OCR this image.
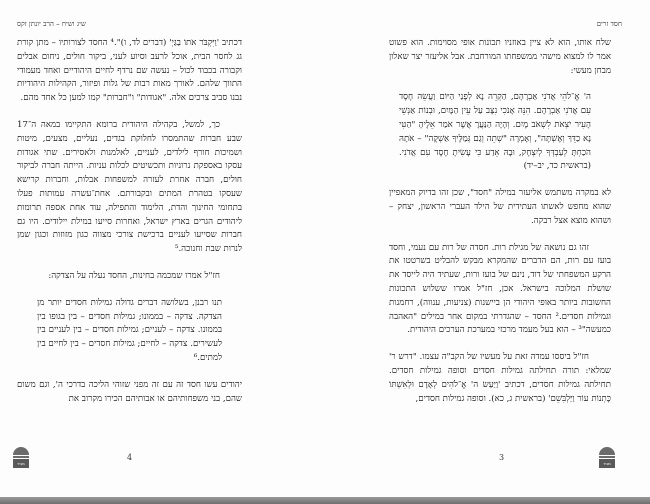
שיג ושיח – הרב יונתן זקס

דכתיב 'וַיִּקְבֹּר אֹתוֹ בַגַּיְ' (דברים לד, ו)".⁴ החסד לצורותיו – מתן קורת גג לחסר הבית, אוכל לרעב וסיוע לעני, ביקור חולים, ניחום אבלים וקבורה בכבוד לכול – נעשה שם נרדף לחיים היהודיים ואחד מעמודי התווך שלהם. לאורך מאות רבות של גלות ופיזור, הקהילות היהודיות נבנו סביב צרכים אלה. "אגודות" ו"חברות" קמו למען כל אחד מהם.

כך, למשל, בקהילה היהודית ברומא התקיימו במאה ה־17 שבע חברות שהתמסרו לחלוקת בגדים, נעליים, מצעים, מיטות ושמיכות חורף לילדים, לעניים, לאלמנות ולאסירים. שתי אגודות עסקו באספקת נרוניות ותכשיטים לכלות עניות. הייתה חברה לביקור חולים, חברה אחרת לעזרה למשפחות אבלות, וחברות קרישא שעסקו בטהרת המתים ובקבורתם. אחת־עשרה עמותות פעלו בתחומי החינוך והדת, הלימוד והתפילה, עוד אחת אספה תרומות ליהודים הגרים בארץ ישראל, ואחרות סייעו במילת יילודים. היו גם חברות שסייעו לעניים ברכישת צורכי מצווה כגון מזוזות וכגון שמן לנרות שבת וחנוכה.⁵

חז"ל אמרו שמכמה בחינות, החסד נעלה על הצדקה:

תנו רבנן, בשלושה דברים גדולה גמילות חסדים יותר מן הצדקה. צדקה – בממונו; גמילות חסדים – בין בגופו בין בממונו. צדקה – לעניים; גמילות חסדים – בין לעניים בין לעשירים. צדקה – לחיים; גמילות חסדים – בין לחיים בין למתים.⁶

יהודים עשו חסד זה עם זה מפני שזוהי הליכה בדרכי ה', וגם משום שהם, בני משפחותיהם או אבותיהם הכירו מקרוב את

מגיד
4
חסד זרים

שלח אותו, הוא לא ציין באוזניו תכונות אופי מסוימות. הוא פשוט אמר לו למצוא מישהי ממשפחתו המורחבת. אבל אליעזר יצר שאלון מבחן מעשי:

ה' אֱ־לֹהֵי אֲדֹנִי אַבְרָהָם, הַקְרֵה נָא לְפָנַי הַיּוֹם וַעֲשֵׂה חֶסֶד עִם אֲדֹנִי אַבְרָהָם. הִנֵּה אָנֹכִי נִצָּב עַל עֵין הַמָּיִם, וּבְנוֹת אַנְשֵׁי הָעִיר יֹצְאֹת לִשְׁאֹב מָיִם. וְהָיָה הַנַּעֲרָ אֲשֶׁר אֹמַר אֵלֶיהָ "הַטִּי נָא כַדֵּךְ וְאֶשְׁתֶּה", וְאָמְרָה "שְׁתֵה וְגַם גְּמַלֶּיךָ אַשְׁקֶה" – אֹתָהּ הֹכַחְתָּ לְעַבְדְּךָ לְיִצְחָק, וּבָהּ אֵדַע כִּי עָשִׂיתָ חֶסֶד עִם אֲדֹנִי. (בראשית כד, יב–יד)

לא במקרה משתמש אליעזר במילה "חסד", שכן זהו בדיוק המאפיין שהוא מחפש לאשתו העתידית של הילד העברי הראשון, יצחק – ושהוא מוצא אצל רבקה.

זהו גם נושאה של מגילת רות. חסדה של רות עם נעמי, וחסד בועז עם רות, הם הדברים שהמקרא מבקש להבליט בשרטטו את הרקע המשפחתי של דוד, נינם של בועז ורות, שעתיד היה לייסד את שושלת המלוכה בישראל. אכן, חז"ל אמרו ששלוש התכונות החשובות ביותר באופי היהודי הן ביישנות (צניעות, ענווה), רחמנות וגמילות חסדים.² החסד – שהגדרתי במקום אחר במילים "האהבה כמעשה"³ – הוא בעל מעמד מרכזי במערכת הערכים היהודית.

חז"ל ביססו עמדה זאת על מעשיו של הקב"ה עצמו. "דרש ר' שמלאי: תורה תחילתה גמילות חסדים וסופה גמילות חסדים. תחילתה גמילות חסדים, דכתיב 'וַיַּעַשׂ ה' אֱ־לֹהִים לְאָדָם וּלְאִשְׁתּוֹ כָּתְנוֹת עוֹר וַיַּלְבִּשֵׁם' (בראשית ג, כא). וסופה גמילות חסדים,

3
מגיד
